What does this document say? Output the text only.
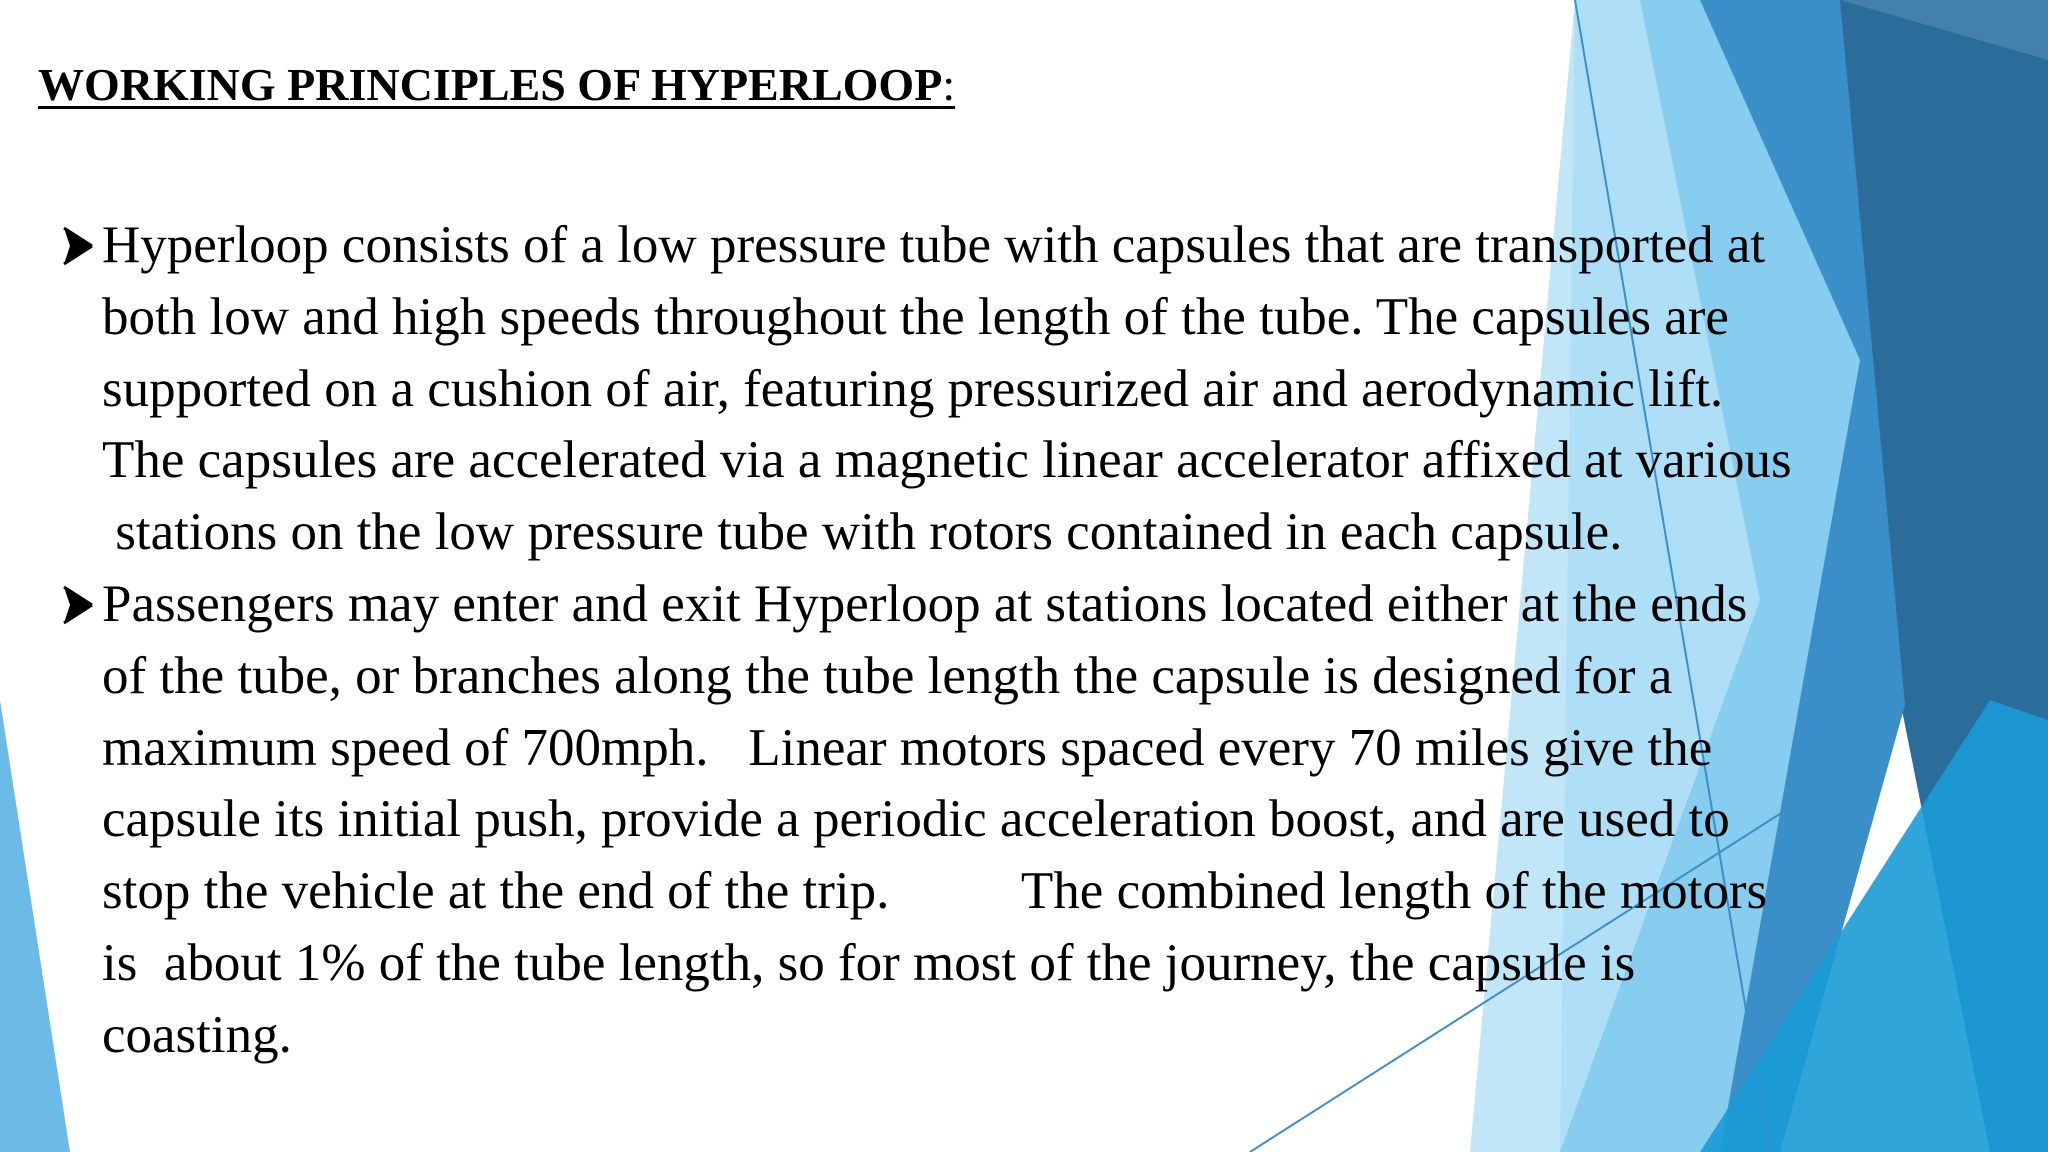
WORKING PRINCIPLES OF HYPERLOOP:
Hyperloop consists of a low pressure tube with capsules that are transported at
both low and high speeds throughout the length of the tube. The capsules are
supported on a cushion of air, featuring pressurized air and aerodynamic lift.
The capsules are accelerated via a magnetic linear accelerator affixed at various
stations on the low pressure tube with rotors contained in each capsule.
Passengers may enter and exit Hyperloop at stations located either at the ends
of the tube, or branches along the tube length the capsule is designed for a
maximum speed of 700mph.   Linear motors spaced every 70 miles give the
capsule its initial push, provide a periodic acceleration boost, and are used to
stop the vehicle at the end of the trip.          The combined length of the motors
is  about 1% of the tube length, so for most of the journey, the capsule is
coasting.
